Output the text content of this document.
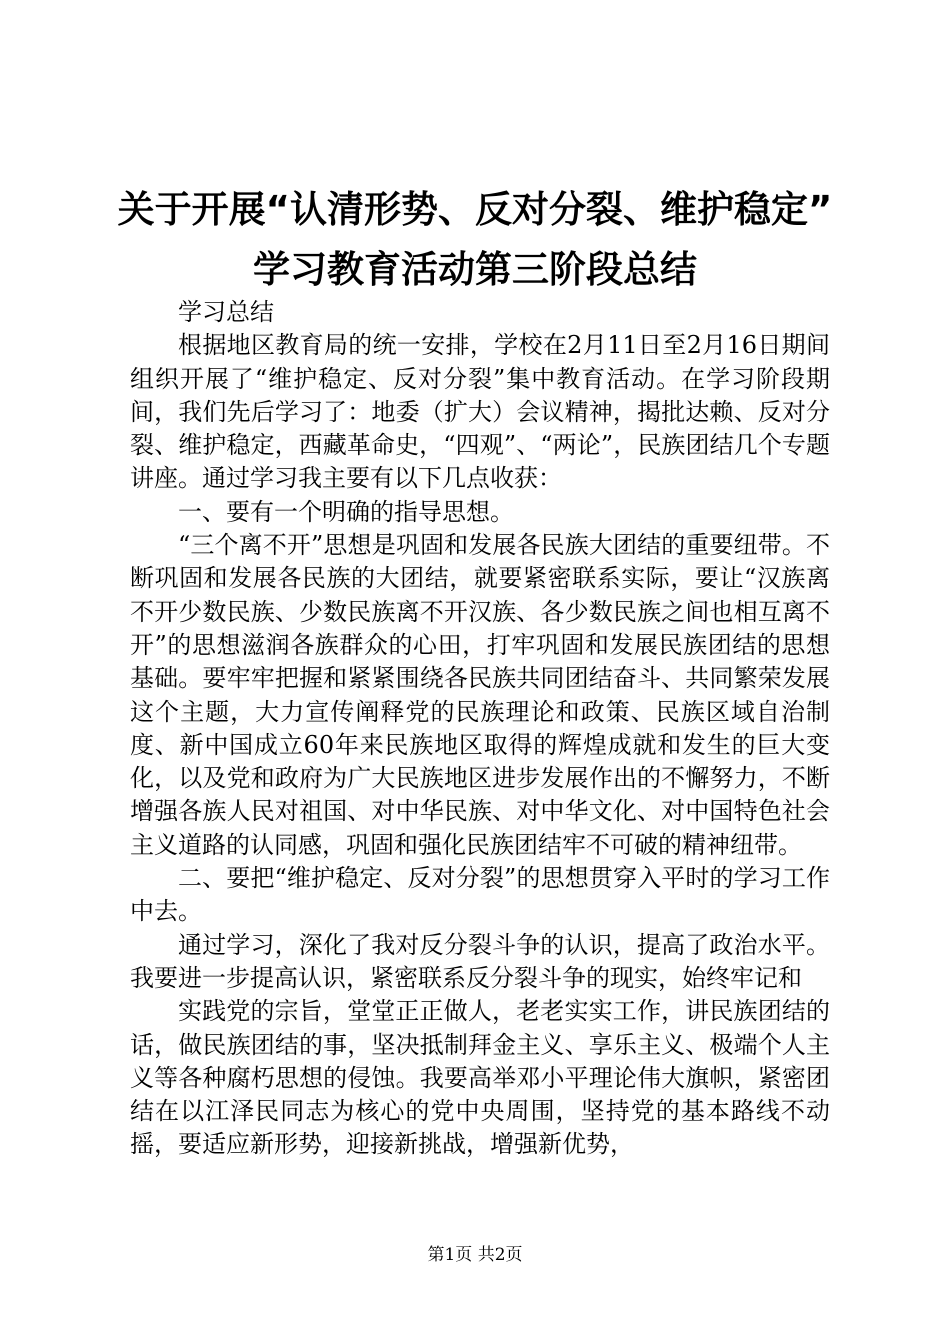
关于开展“认清形势、反对分裂、维护稳定”
学习教育活动第三阶段总结

学习总结

根据地区教育局的统一安排，学校在2月11日至2月16日期间组织开展了“维护稳定、反对分裂”集中教育活动。在学习阶段期间，我们先后学习了：地委（扩大）会议精神，揭批达赖、反对分裂、维护稳定，西藏革命史，“四观”、“两论”，民族团结几个专题讲座。通过学习我主要有以下几点收获：

一、要有一个明确的指导思想。

“三个离不开”思想是巩固和发展各民族大团结的重要纽带。不断巩固和发展各民族的大团结，就要紧密联系实际，要让“汉族离不开少数民族、少数民族离不开汉族、各少数民族之间也相互离不开”的思想滋润各族群众的心田，打牢巩固和发展民族团结的思想基础。要牢牢把握和紧紧围绕各民族共同团结奋斗、共同繁荣发展这个主题，大力宣传阐释党的民族理论和政策、民族区域自治制度、新中国成立60年来民族地区取得的辉煌成就和发生的巨大变化，以及党和政府为广大民族地区进步发展作出的不懈努力，不断增强各族人民对祖国、对中华民族、对中华文化、对中国特色社会主义道路的认同感，巩固和强化民族团结牢不可破的精神纽带。

二、要把“维护稳定、反对分裂”的思想贯穿入平时的学习工作中去。

通过学习，深化了我对反分裂斗争的认识，提高了政治水平。我要进一步提高认识，紧密联系反分裂斗争的现实，始终牢记和

实践党的宗旨，堂堂正正做人，老老实实工作，讲民族团结的话，做民族团结的事，坚决抵制拜金主义、享乐主义、极端个人主义等各种腐朽思想的侵蚀。我要高举邓小平理论伟大旗帜，紧密团结在以江泽民同志为核心的党中央周围，坚持党的基本路线不动摇，要适应新形势，迎接新挑战，增强新优势，

第1页 共2页
